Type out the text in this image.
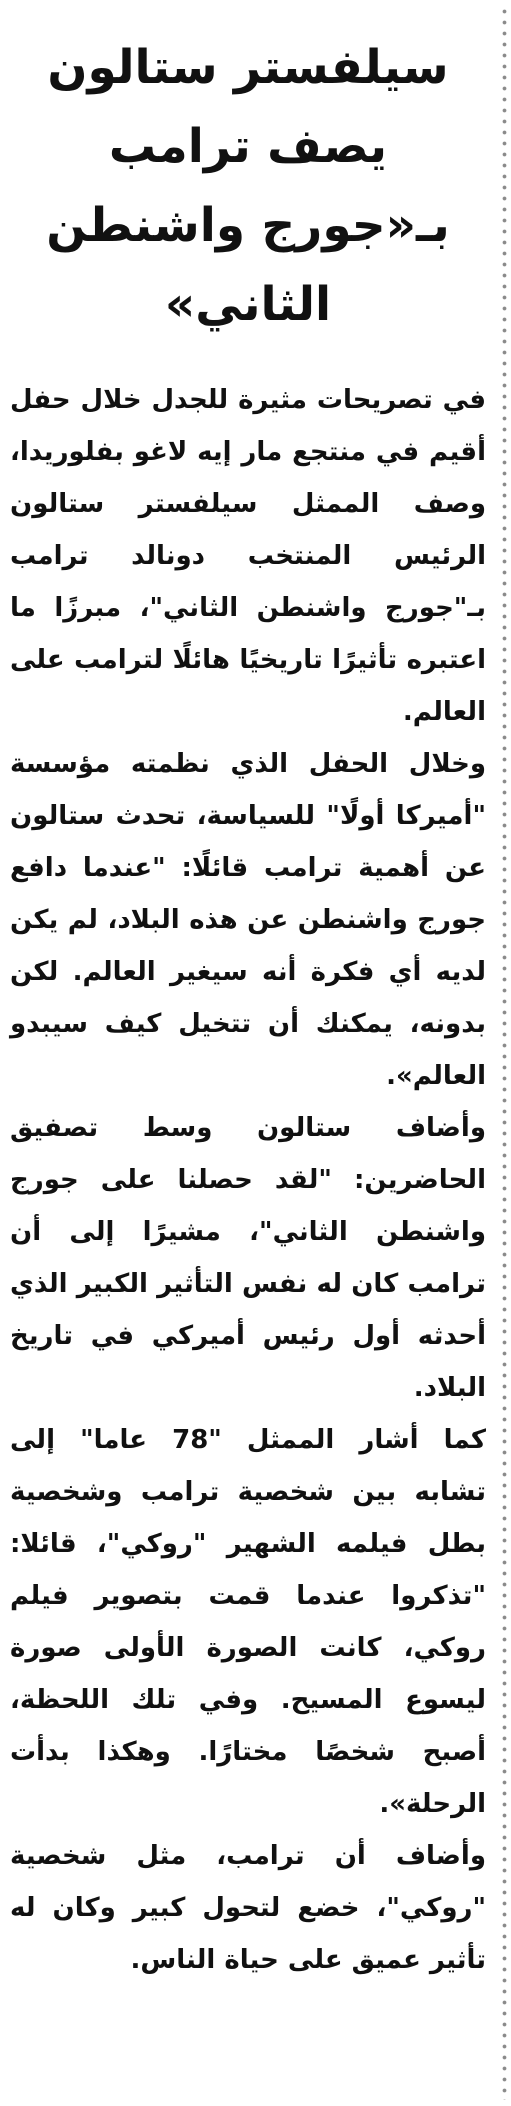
سيلفستر ستالون يصف ترامب بـ«جورج واشنطن الثاني»

في تصريحات مثيرة للجدل خلال حفل أقيم في منتجع مار إيه لاغو بفلوريدا، وصف الممثل سيلفستر ستالون الرئيس المنتخب دونالد ترامب بـ"جورج واشنطن الثاني"، مبرزًا ما اعتبره تأثيرًا تاريخيًا هائلًا لترامب على العالم.

وخلال الحفل الذي نظمته مؤسسة "أميركا أولًا" للسياسة، تحدث ستالون عن أهمية ترامب قائلًا: "عندما دافع جورج واشنطن عن هذه البلاد، لم يكن لديه أي فكرة أنه سيغير العالم. لكن بدونه، يمكنك أن تتخيل كيف سيبدو العالم».

وأضاف ستالون وسط تصفيق الحاضرين: "لقد حصلنا على جورج واشنطن الثاني"، مشيرًا إلى أن ترامب كان له نفس التأثير الكبير الذي أحدثه أول رئيس أميركي في تاريخ البلاد.

كما أشار الممثل "78 عاما" إلى تشابه بين شخصية ترامب وشخصية بطل فيلمه الشهير "روكي"، قائلا: "تذكروا عندما قمت بتصوير فيلم روكي، كانت الصورة الأولى صورة ليسوع المسيح. وفي تلك اللحظة، أصبح شخصًا مختارًا. وهكذا بدأت الرحلة».

وأضاف أن ترامب، مثل شخصية "روكي"، خضع لتحول كبير وكان له تأثير عميق على حياة الناس.
